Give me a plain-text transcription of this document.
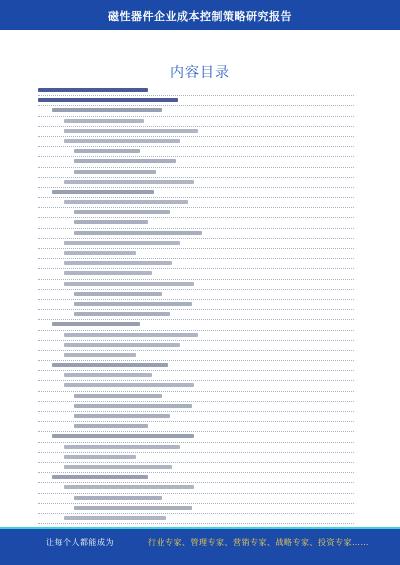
磁性器件企业成本控制策略研究报告
内容目录
让每个人都能成为	行业专家、管理专家、营销专家、战略专家、投资专家……
